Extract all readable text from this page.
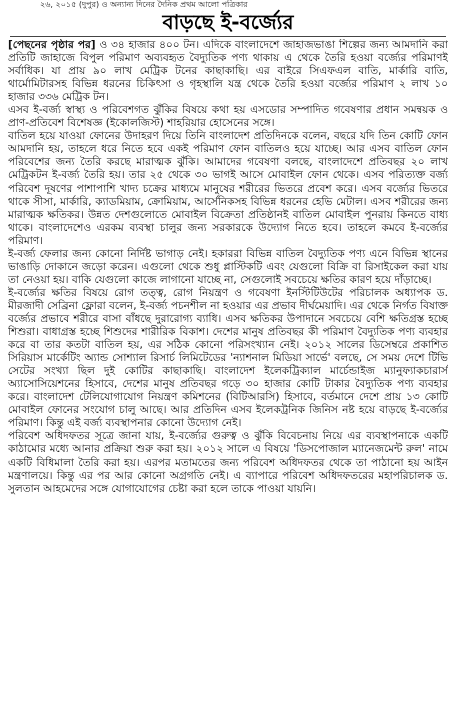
২৬, ২০১৫ (দুপুর) ও অন্যান্য দিনের দৈনিক প্রথম আলো পত্রিকার
বাড়ছে ই-বর্জ্যের

[পেছনের পৃষ্ঠার পর] ও ৩৪ হাজার ৪০০ টন। এদিকে বাংলাদেশে জাহাজভাঙা শিল্পের জন্য আমদানি করা প্রতিটি জাহাজে বিপুল পরিমাণ অব্যবহৃত বৈদ্যুতিক পণ্য থাকায় এ থেকে তৈরি হওয়া বর্জ্যের পরিমাণই সর্বাধিক। যা প্রায় ৯০ লাখ মেট্রিক টনের কাছাকাছি। এর বাইরে সিএফএল বাতি, মার্কারি বাতি, থার্মোমিটারসহ বিভিন্ন ধরনের চিকিৎসা ও গৃহস্থালি যন্ত্র থেকে তৈরি হওয়া বর্জ্যের পরিমাণ ২ লাখ ১০ হাজার ৩৩৬ মেট্রিক টন।

এসব ই-বর্জ্য স্বাস্থ্য ও পরিবেশগত ঝুঁকির বিষয়ে কথা হয় এসডোর সম্পাদিত গবেষণার প্রধান সমন্বয়ক ও প্রাণ-প্রতিবেশ বিশেষজ্ঞ (ইকোলজিস্ট) শাহরিয়ার হোসেনের সঙ্গে।

বাতিল হয়ে যাওয়া ফোনের উদাহরণ দিয়ে তিনি বাংলাদেশ প্রতিদিনকে বলেন, বছরে যদি তিন কোটি ফোন আমদানি হয়, তাহলে ধরে নিতে হবে একই পরিমাণ ফোন বাতিলও হয়ে যাচ্ছে। আর এসব বাতিল ফোন পরিবেশের জন্য তৈরি করছে মারাত্মক ঝুঁকি। আমাদের গবেষণা বলছে, বাংলাদেশে প্রতিবছর ২০ লাখ মেট্রিকটন ই-বর্জ্য তৈরি হয়। তার ২৫ থেকে ৩০ ভাগই আসে মোবাইল ফোন থেকে। এসব পরিত্যক্ত বর্জ্য পরিবেশ দূষণের পাশাপাশি খাদ্য চক্রের মাধ্যমে মানুষের শরীরের ভিতরে প্রবেশ করে। এসব বর্জ্যের ভিতরে থাকে সীসা, মার্কারি, ক্যাডমিয়াম, ক্রোমিয়াম, আর্সেনিকসহ বিভিন্ন ধরনের হেভি মেটাল। এসব শরীরের জন্য মারাত্মক ক্ষতিকর। উন্নত দেশগুলোতে মোবাইল বিক্রেতা প্রতিষ্ঠানই বাতিল মোবাইল পুনরায় কিনতে বাধ্য থাকে। বাংলাদেশেও এরকম ব্যবস্থা চালুর জন্য সরকারকে উদ্যোগ নিতে হবে। তাহলে কমবে ই-বর্জ্যের পরিমাণ।

ই-বর্জ্য ফেলার জন্য কোনো নির্দিষ্ট ভাগাড় নেই। হকাররা বিভিন্ন বাতিল বৈদ্যুতিক পণ্য এনে বিভিন্ন স্থানের ভাঙাড়ি দোকানে জড়ো করেন। এগুলো থেকে শুধু প্লাস্টিকটি এবং যেগুলো বিক্রি বা রিসাইকেল করা যায় তা নেওয়া হয়। বাকি যেগুলো কাজে লাগানো যাচ্ছে না, সেগুলোই সবচেয়ে ক্ষতির কারণ হয়ে দাঁড়াচ্ছে।

ই-বর্জ্যের ক্ষতির বিষয়ে রোগ তত্ত্ব, রোগ নিয়ন্ত্রণ ও গবেষণা ইনস্টিটিউটের পরিচালক অধ্যাপক ড. মীরজাদী সেব্রিনা ফ্লোরা বলেন, ই-বর্জ্য পচনশীল না হওয়ার এর প্রভাব দীর্ঘমেয়াদি। এর থেকে নির্গত বিষাক্ত বর্জ্যের প্রভাবে শরীরে বাসা বাঁধছে দুরারোগ্য ব্যাধি। এসব ক্ষতিকর উপাদানে সবচেয়ে বেশি ক্ষতিগ্রস্ত হচ্ছে শিশুরা। বাধাগ্রস্ত হচ্ছে শিশুদের শারীরিক বিকাশ। দেশের মানুষ প্রতিবছর কী পরিমাণ বৈদ্যুতিক পণ্য ব্যবহার করে বা তার কতটা বাতিল হয়, এর সঠিক কোনো পরিসংখ্যান নেই। ২০১২ সালের ডিসেম্বরে প্রকাশিত সিরিয়াস মার্কেটিং অ্যান্ড সোশ্যাল রিসার্চ লিমিটেডের 'ন্যাশনাল মিডিয়া সার্ভে' বলছে, সে সময় দেশে টিভি সেটের সংখ্যা ছিল দুই কোটির কাছাকাছি। বাংলাদেশ ইলেকট্রিক্যাল মার্চেন্ডাইজ ম্যানুফ্যাকচারার্স অ্যাসোসিয়েশনের হিসাবে, দেশের মানুষ প্রতিবছর গড়ে ৩০ হাজার কোটি টাকার বৈদ্যুতিক পণ্য ব্যবহার করে। বাংলাদেশ টেলিযোগাযোগ নিয়ন্ত্রণ কমিশনের (বিটিআরসি) হিসাবে, বর্তমানে দেশে প্রায় ১৩ কোটি মোবাইল ফোনের সংযোগ চালু আছে। আর প্রতিদিন এসব ইলেকট্রনিক জিনিস নষ্ট হয়ে বাড়ছে ই-বর্জ্যের পরিমাণ। কিন্তু এই বর্জ্য ব্যবস্থাপনার কোনো উদ্যোগ নেই।

পরিবেশ অধিদফতর সূত্রে জানা যায়, ই-বর্জ্যের গুরুত্ব ও ঝুঁকি বিবেচনায় নিয়ে এর ব্যবস্থাপনাকে একটি কাঠামোর মধ্যে আনার প্রক্রিয়া শুরু করা হয়। ২০১২ সালে এ বিষয়ে 'ডিসপোজাল ম্যানেজমেন্ট রুল' নামে একটি বিধিমালা তৈরি করা হয়। এরপর মতামতের জন্য পরিবেশ অধিদফতর থেকে তা পাঠানো হয় আইন মন্ত্রণালয়ে। কিন্তু এর পর আর কোনো অগ্রগতি নেই। এ ব্যাপারে পরিবেশ অধিদফতরের মহাপরিচালক ড. সুলতান আহমেদের সঙ্গে যোগাযোগের চেষ্টা করা হলে তাকে পাওয়া যায়নি।
